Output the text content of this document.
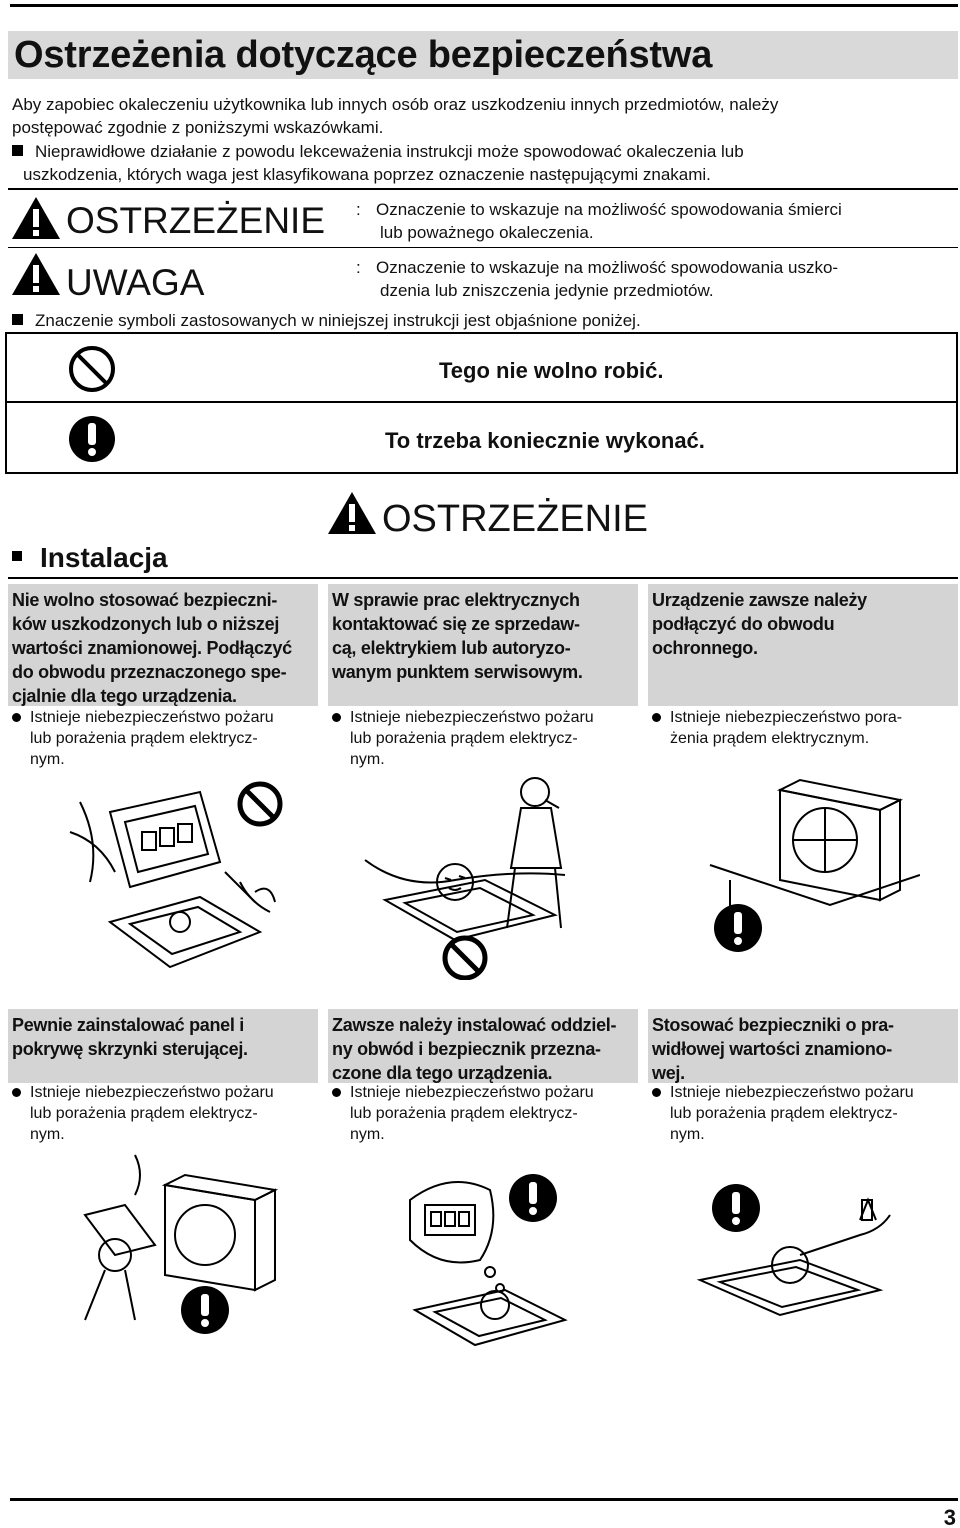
Ostrzeżenia dotyczące bezpieczeństwa
Aby zapobiec okaleczeniu użytkownika lub innych osób oraz uszkodzeniu innych przedmiotów, należy
postępować zgodnie z poniższymi wskazówkami.
Nieprawidłowe działanie z powodu lekceważenia instrukcji może spowodować okaleczenia lub
uszkodzenia, których waga jest klasyfikowana poprzez oznaczenie następującymi znakami.
OSTRZEŻENIE : Oznaczenie to wskazuje na możliwość spowodowania śmierci
lub poważnego okaleczenia.
UWAGA	: Oznaczenie to wskazuje na możliwość spowodowania uszko-
dzenia lub zniszczenia jedynie przedmiotów.
Znaczenie symboli zastosowanych w niniejszej instrukcji jest objaśnione poniżej.
Tego nie wolno robić.
To trzeba koniecznie wykonać.
OSTRZEŻENIE
Instalacja
Nie wolno stosować bezpieczni-
ków uszkodzonych lub o niższej
wartości znamionowej. Podłączyć
do obwodu przeznaczonego spe-
cjalnie dla tego urządzenia.
Istnieje niebezpieczeństwo pożaru
lub porażenia prądem elektrycz-
nym.
W sprawie prac elektrycznych
kontaktować się ze sprzedaw-
cą, elektrykiem lub autoryzo-
wanym punktem serwisowym.
Istnieje niebezpieczeństwo pożaru
lub porażenia prądem elektrycz-
nym.
Urządzenie zawsze należy
podłączyć do obwodu
ochronnego.
Istnieje niebezpieczeństwo pora-
żenia prądem elektrycznym.
Pewnie zainstalować panel i
pokrywę skrzynki sterującej.
Istnieje niebezpieczeństwo pożaru
lub porażenia prądem elektrycz-
nym.
Zawsze należy instalować oddziel-
ny obwód i bezpiecznik przezna-
czone dla tego urządzenia.
Istnieje niebezpieczeństwo pożaru
lub porażenia prądem elektrycz-
nym.
Stosować bezpieczniki o pra-
widłowej wartości znamiono-
wej.
Istnieje niebezpieczeństwo pożaru
lub porażenia prądem elektrycz-
nym.
3
